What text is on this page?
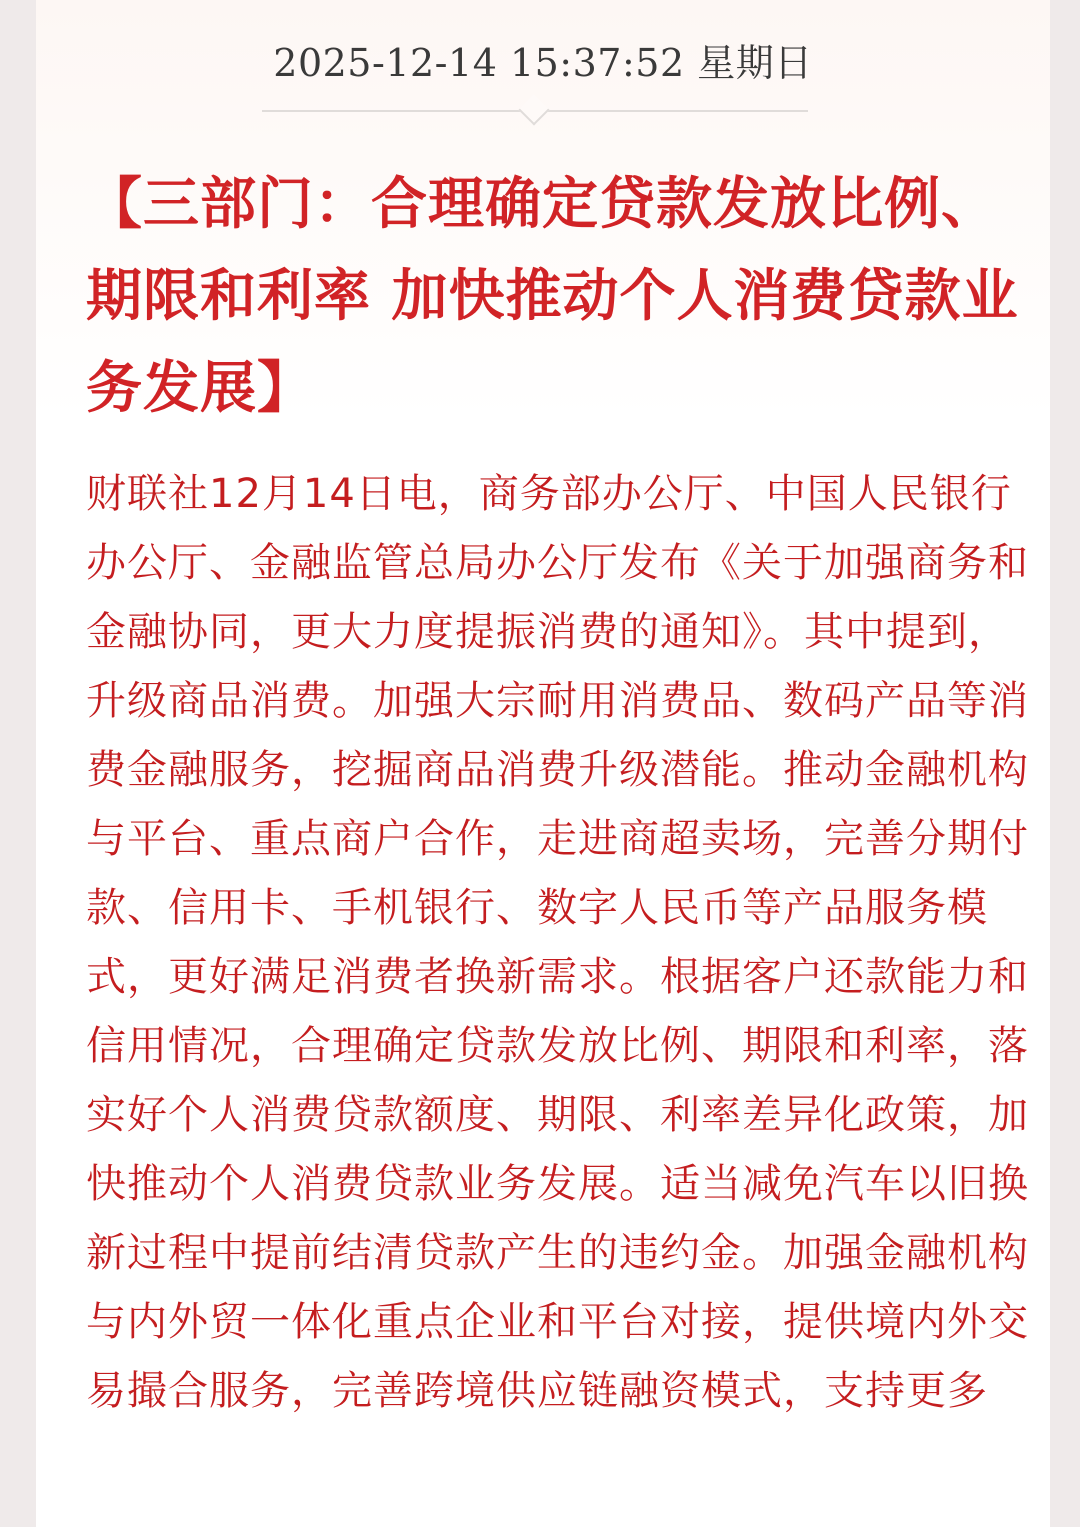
2025-12-14 15:37:52 星期日
【三部门：合理确定贷款发放比例、期限和利率 加快推动个人消费贷款业务发展】

财联社12月14日电，商务部办公厅、中国人民银行办公厅、金融监管总局办公厅发布《关于加强商务和金融协同，更大力度提振消费的通知》。其中提到，升级商品消费。加强大宗耐用消费品、数码产品等消费金融服务，挖掘商品消费升级潜能。推动金融机构与平台、重点商户合作，走进商超卖场，完善分期付款、信用卡、手机银行、数字人民币等产品服务模式，更好满足消费者换新需求。根据客户还款能力和信用情况，合理确定贷款发放比例、期限和利率，落实好个人消费贷款额度、期限、利率差异化政策，加快推动个人消费贷款业务发展。适当减免汽车以旧换新过程中提前结清贷款产生的违约金。加强金融机构与内外贸一体化重点企业和平台对接，提供境内外交易撮合服务，完善跨境供应链融资模式，支持更多
